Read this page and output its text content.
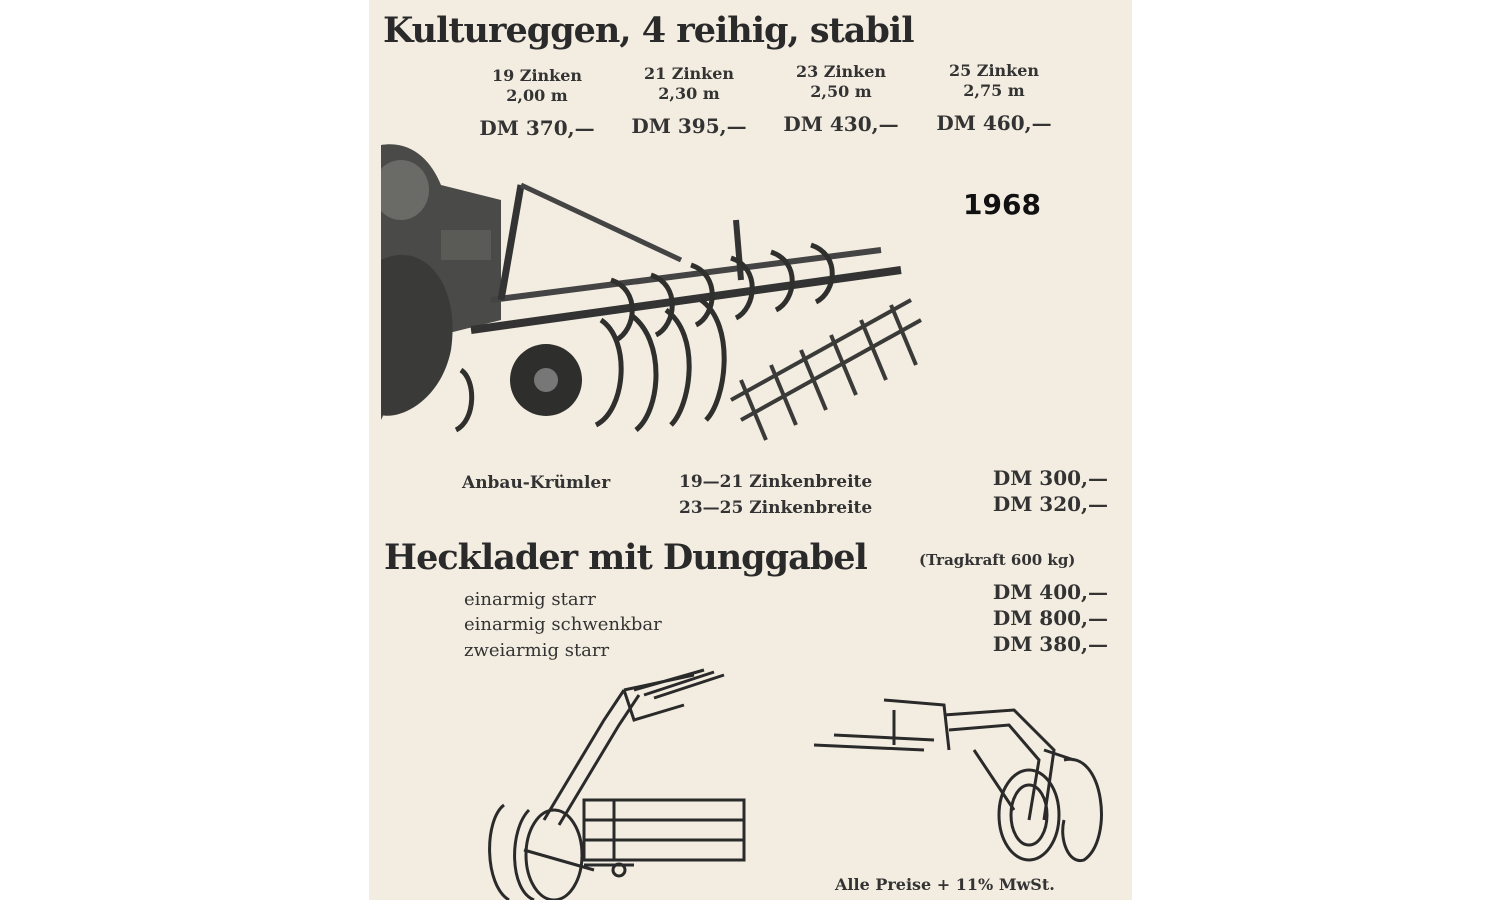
Kultureggen, 4 reihig, stabil
19 Zinken
2,00 m
DM 370,—
21 Zinken
2,30 m
DM 395,—
23 Zinken
2,50 m
DM 430,—
25 Zinken
2,75 m
DM 460,—
1968
Anbau-Krümler	19—21 Zinkenbreite
23—25 Zinkenbreite
DM 300,—
DM 320,—
Hecklader mit Dunggabel	(Tragkraft 600 kg)
einarmig starr
einarmig schwenkbar
zweiarmig starr
DM 400,—
DM 800,—
DM 380,—
Alle Preise + 11% MwSt.
